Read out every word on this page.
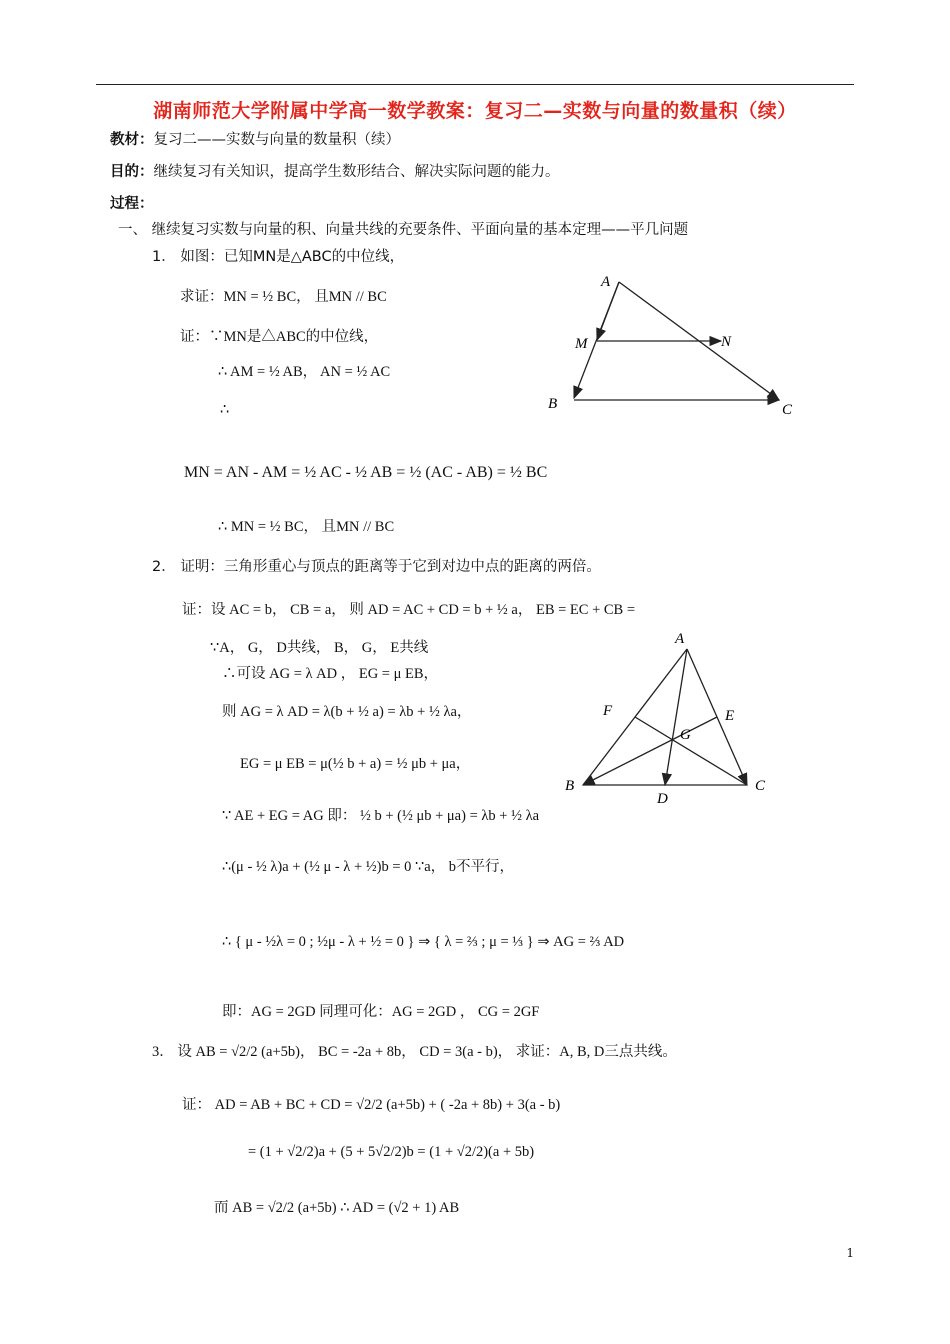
湖南师范大学附属中学高一数学教案：复习二—实数与向量的数量积（续）
教材：复习二——实数与向量的数量积（续）
目的：继续复习有关知识，提高学生数形结合、解决实际问题的能力。
过程：
一、 继续复习实数与向量的积、向量共线的充要条件、平面向量的基本定理——平几问题
1． 如图：已知MN是△ABC的中位线，
求证：MN = ½ BC， 且MN // BC
证：∵MN是△ABC的中位线，
∴ AM = ½ AB， AN = ½ AC
∴
MN = AN - AM = ½ AC - ½ AB = ½ (AC - AB) = ½ BC
∴ MN = ½ BC， 且MN // BC
A
M	N
B	C
2． 证明：三角形重心与顶点的距离等于它到对边中点的距离的两倍。
证：设 AC = b， CB = a， 则 AD = AC + CD = b + ½ a， EB = EC + CB =
∵A， G， D共线， B， G， E共线
∴可设 AG = λ AD ， EG = μ EB，
则 AG = λ AD = λ(b + ½ a) = λb + ½ λa，
EG = μ EB = μ(½ b + a) = ½ μb + μa，
∵ AE + EG = AG 即： ½ b + (½ μb + μa) = λb + ½ λa
∴(μ - ½ λ)a + (½ μ - λ + ½)b = 0 ∵a， b不平行，
∴ { μ - ½λ = 0 ; ½μ - λ + ½ = 0 } ⇒ { λ = ⅔ ; μ = ⅓ } ⇒ AG = ⅔ AD
即：AG = 2GD 同理可化：AG = 2GD ， CG = 2GF
A
B	C
D
E
F
G
3． 设 AB = √2/2 (a+5b)， BC = -2a + 8b， CD = 3(a - b)， 求证：A, B, D三点共线。
证： AD = AB + BC + CD = √2/2 (a+5b) + ( -2a + 8b) + 3(a - b)
= (1 + √2/2)a + (5 + 5√2/2)b = (1 + √2/2)(a + 5b)
而 AB = √2/2 (a+5b) ∴ AD = (√2 + 1) AB
1
